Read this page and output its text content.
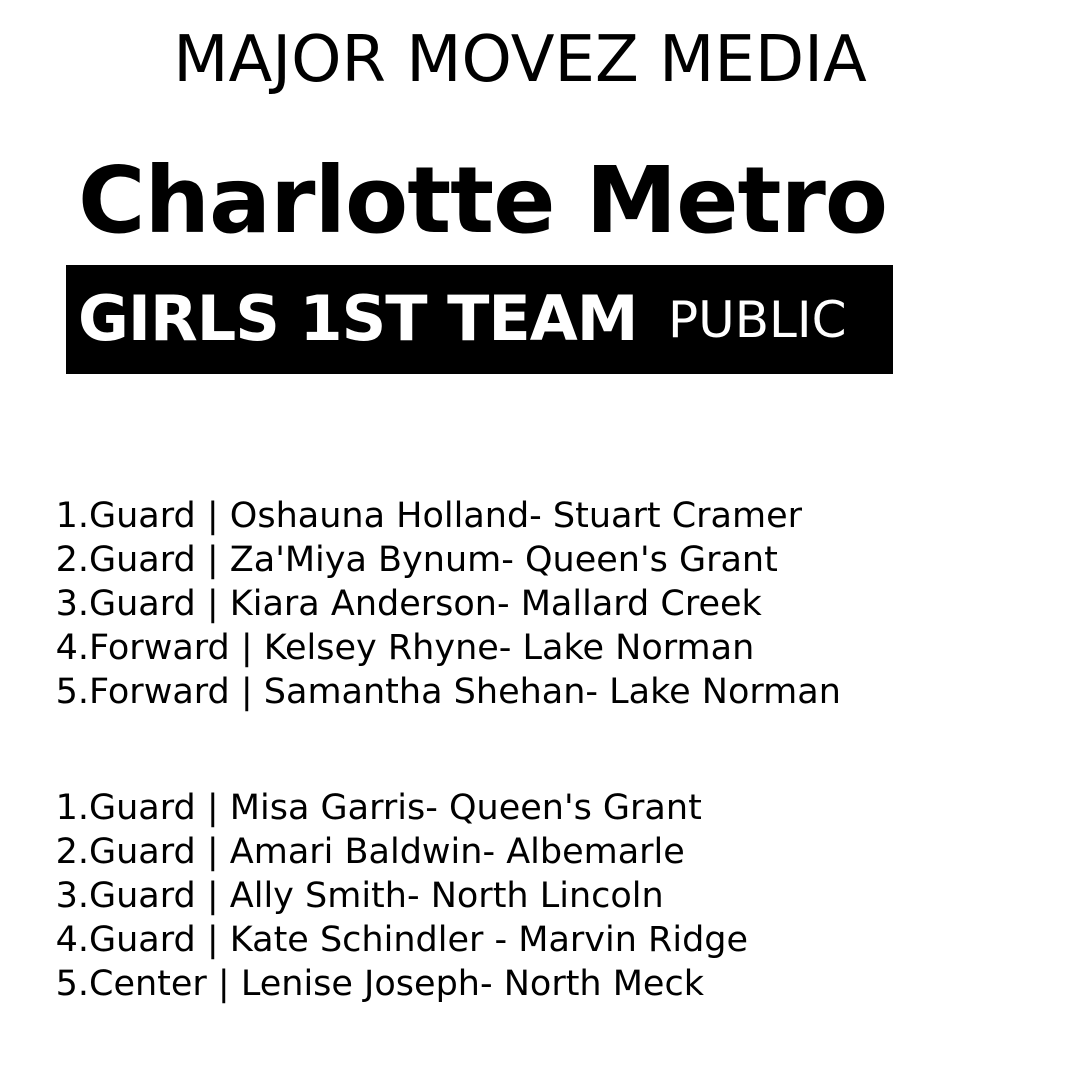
MAJOR MOVEZ MEDIA
Charlotte Metro
GIRLS 1ST TEAM PUBLIC
1. Guard | Oshauna Holland- Stuart Cramer
2. Guard | Za'Miya Bynum- Queen's Grant
3. Guard | Kiara Anderson- Mallard Creek
4. Forward | Kelsey Rhyne- Lake Norman
5. Forward | Samantha Shehan- Lake Norman
1. Guard | Misa Garris- Queen's Grant
2. Guard | Amari Baldwin- Albemarle
3. Guard | Ally Smith- North Lincoln
4. Guard | Kate Schindler - Marvin Ridge
5. Center | Lenise Joseph- North Meck
